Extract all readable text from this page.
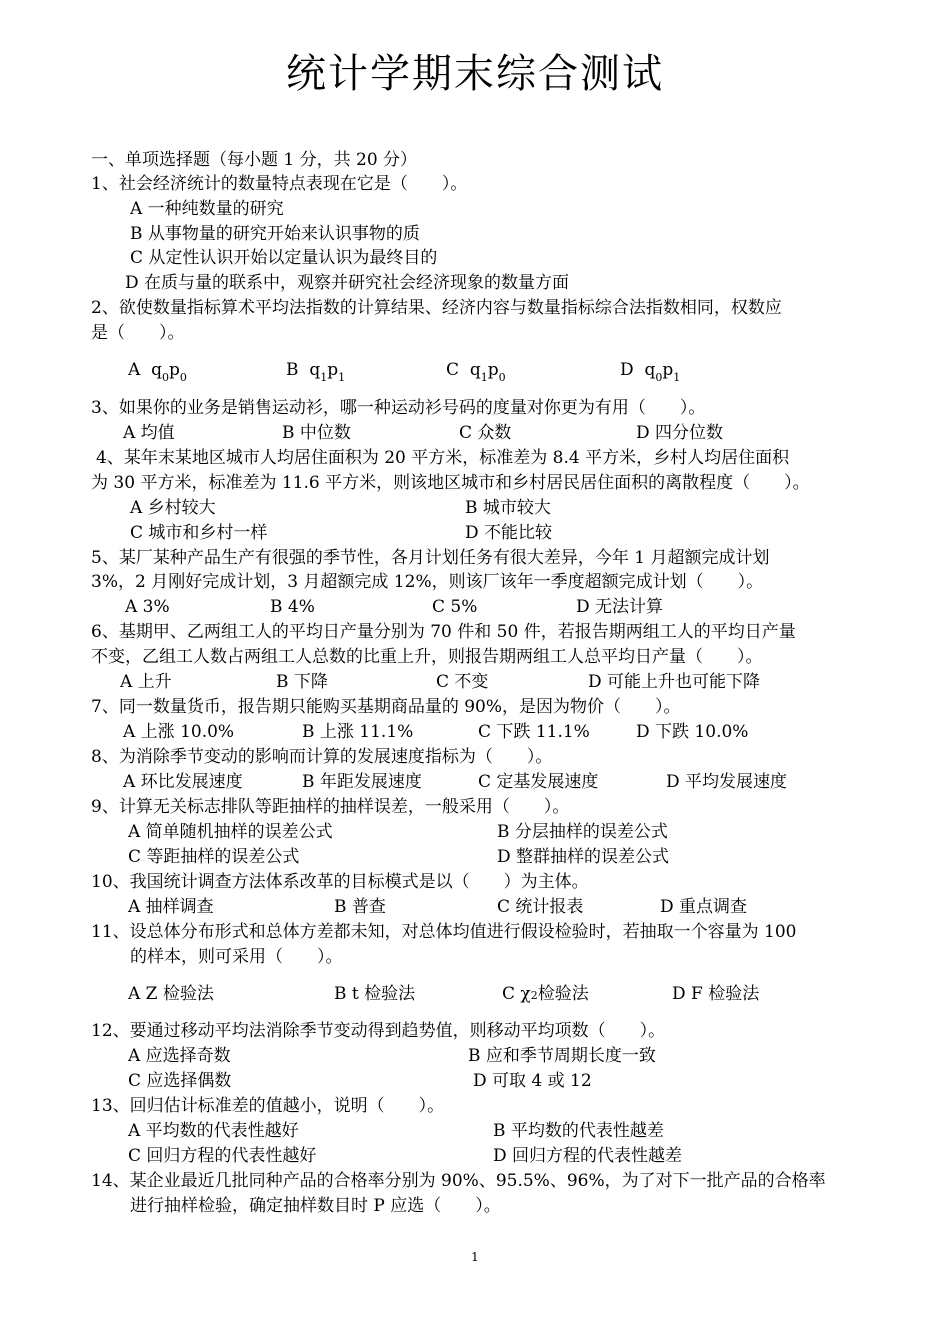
统计学期末综合测试
一、单项选择题（每小题 1 分，共 20 分）
1、社会经济统计的数量特点表现在它是（　　）。
A 一种纯数量的研究
B 从事物量的研究开始来认识事物的质
C 从定性认识开始以定量认识为最终目的
D 在质与量的联系中，观察并研究社会经济现象的数量方面
2、欲使数量指标算术平均法指数的计算结果、经济内容与数量指标综合法指数相同，权数应
是（　　）。
A $q_0p_0$	B $q_1p_1$	C $q_1p_0$	D $q_0p_1$
3、如果你的业务是销售运动衫，哪一种运动衫号码的度量对你更为有用（　　）。
A 均值	B 中位数	C 众数	D 四分位数
4、某年末某地区城市人均居住面积为 20 平方米，标准差为 8.4 平方米，乡村人均居住面积
为 30 平方米，标准差为 11.6 平方米，则该地区城市和乡村居民居住面积的离散程度（　　）。
A 乡村较大	B 城市较大
C 城市和乡村一样	D 不能比较
5、某厂某种产品生产有很强的季节性，各月计划任务有很大差异，今年 1 月超额完成计划
3%，2 月刚好完成计划，3 月超额完成 12%，则该厂该年一季度超额完成计划（　　）。
A 3%	B 4%	C 5%	D 无法计算
6、基期甲、乙两组工人的平均日产量分别为 70 件和 50 件，若报告期两组工人的平均日产量
不变，乙组工人数占两组工人总数的比重上升，则报告期两组工人总平均日产量（　　）。
A 上升	B 下降	C 不变	D 可能上升也可能下降
7、同一数量货币，报告期只能购买基期商品量的 90%，是因为物价（　　）。
A 上涨 10.0%	B 上涨 11.1%	C 下跌 11.1%	D 下跌 10.0%
8、为消除季节变动的影响而计算的发展速度指标为（　　）。
A 环比发展速度	B 年距发展速度	C 定基发展速度	D 平均发展速度
9、计算无关标志排队等距抽样的抽样误差，一般采用（　　）。
A 简单随机抽样的误差公式	B 分层抽样的误差公式
C 等距抽样的误差公式	D 整群抽样的误差公式
10、我国统计调查方法体系改革的目标模式是以（　　）为主体。
A 抽样调查	B 普查	C 统计报表	D 重点调查
11、设总体分布形式和总体方差都未知，对总体均值进行假设检验时，若抽取一个容量为 100
的样本，则可采用（　　）。
A Z 检验法	B t 检验法	C χ2检验法	D F 检验法
12、要通过移动平均法消除季节变动得到趋势值，则移动平均项数（　　）。
A 应选择奇数	B 应和季节周期长度一致
C 应选择偶数	D 可取 4 或 12
13、回归估计标准差的值越小，说明（　　）。
A 平均数的代表性越好	B 平均数的代表性越差
C 回归方程的代表性越好	D 回归方程的代表性越差
14、某企业最近几批同种产品的合格率分别为 90%、95.5%、96%，为了对下一批产品的合格率
进行抽样检验，确定抽样数目时 P 应选（　　）。
1
